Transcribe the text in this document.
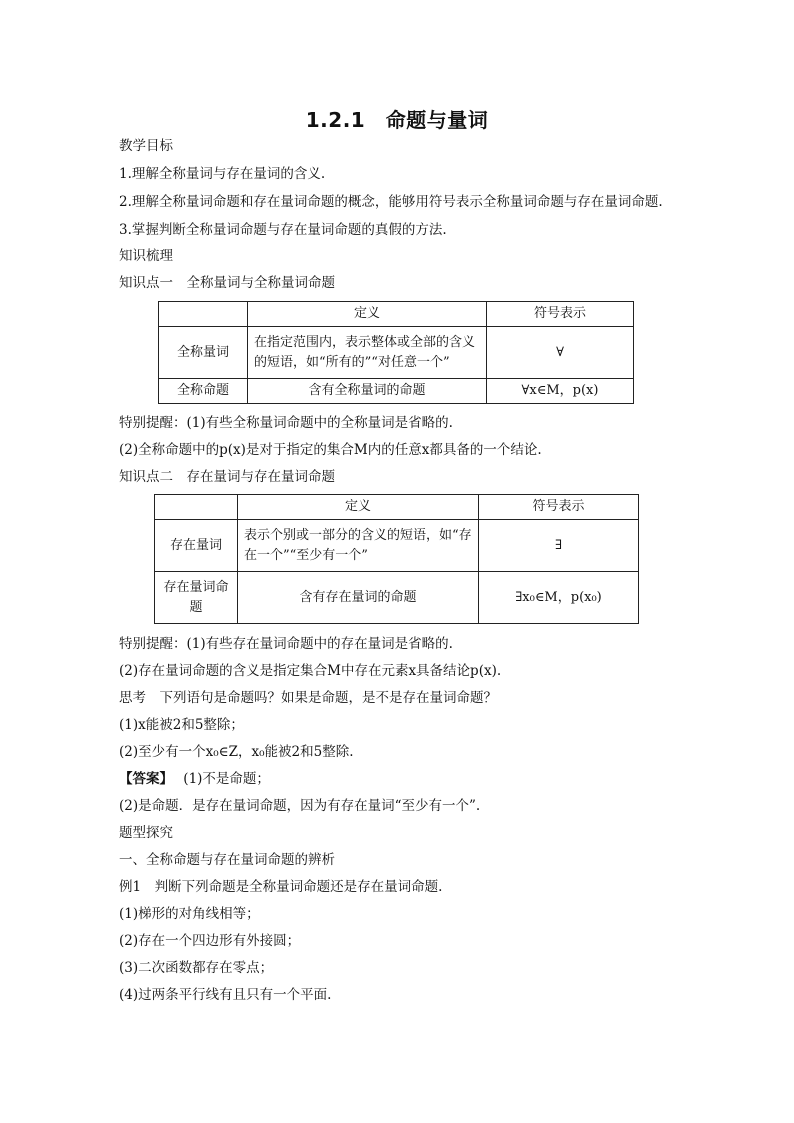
1.2.1　命题与量词
教学目标
1.理解全称量词与存在量词的含义.
2.理解全称量词命题和存在量词命题的概念，能够用符号表示全称量词命题与存在量词命题.
3.掌握判断全称量词命题与存在量词命题的真假的方法.
知识梳理
知识点一　全称量词与全称量词命题
	定义	符号表示
全称量词	在指定范围内，表示整体或全部的含义的短语，如“所有的”“对任意一个”	∀
全称命题	含有全称量词的命题	∀x∈M，p(x)
特别提醒：(1)有些全称量词命题中的全称量词是省略的.
(2)全称命题中的p(x)是对于指定的集合M内的任意x都具备的一个结论.
知识点二　存在量词与存在量词命题
	定义	符号表示
存在量词	表示个别或一部分的含义的短语，如“存在一个”“至少有一个”	∃
存在量词命题	含有存在量词的命题	∃x₀∈M，p(x₀)
特别提醒：(1)有些存在量词命题中的存在量词是省略的.
(2)存在量词命题的含义是指定集合M中存在元素x具备结论p(x).
思考　下列语句是命题吗？如果是命题，是不是存在量词命题？
(1)x能被2和5整除；
(2)至少有一个x₀∈Z，x₀能被2和5整除.
【答案】 (1)不是命题；
(2)是命题．是存在量词命题，因为有存在量词“至少有一个”.
题型探究
一、全称命题与存在量词命题的辨析
例1　判断下列命题是全称量词命题还是存在量词命题.
(1)梯形的对角线相等；
(2)存在一个四边形有外接圆；
(3)二次函数都存在零点；
(4)过两条平行线有且只有一个平面.
